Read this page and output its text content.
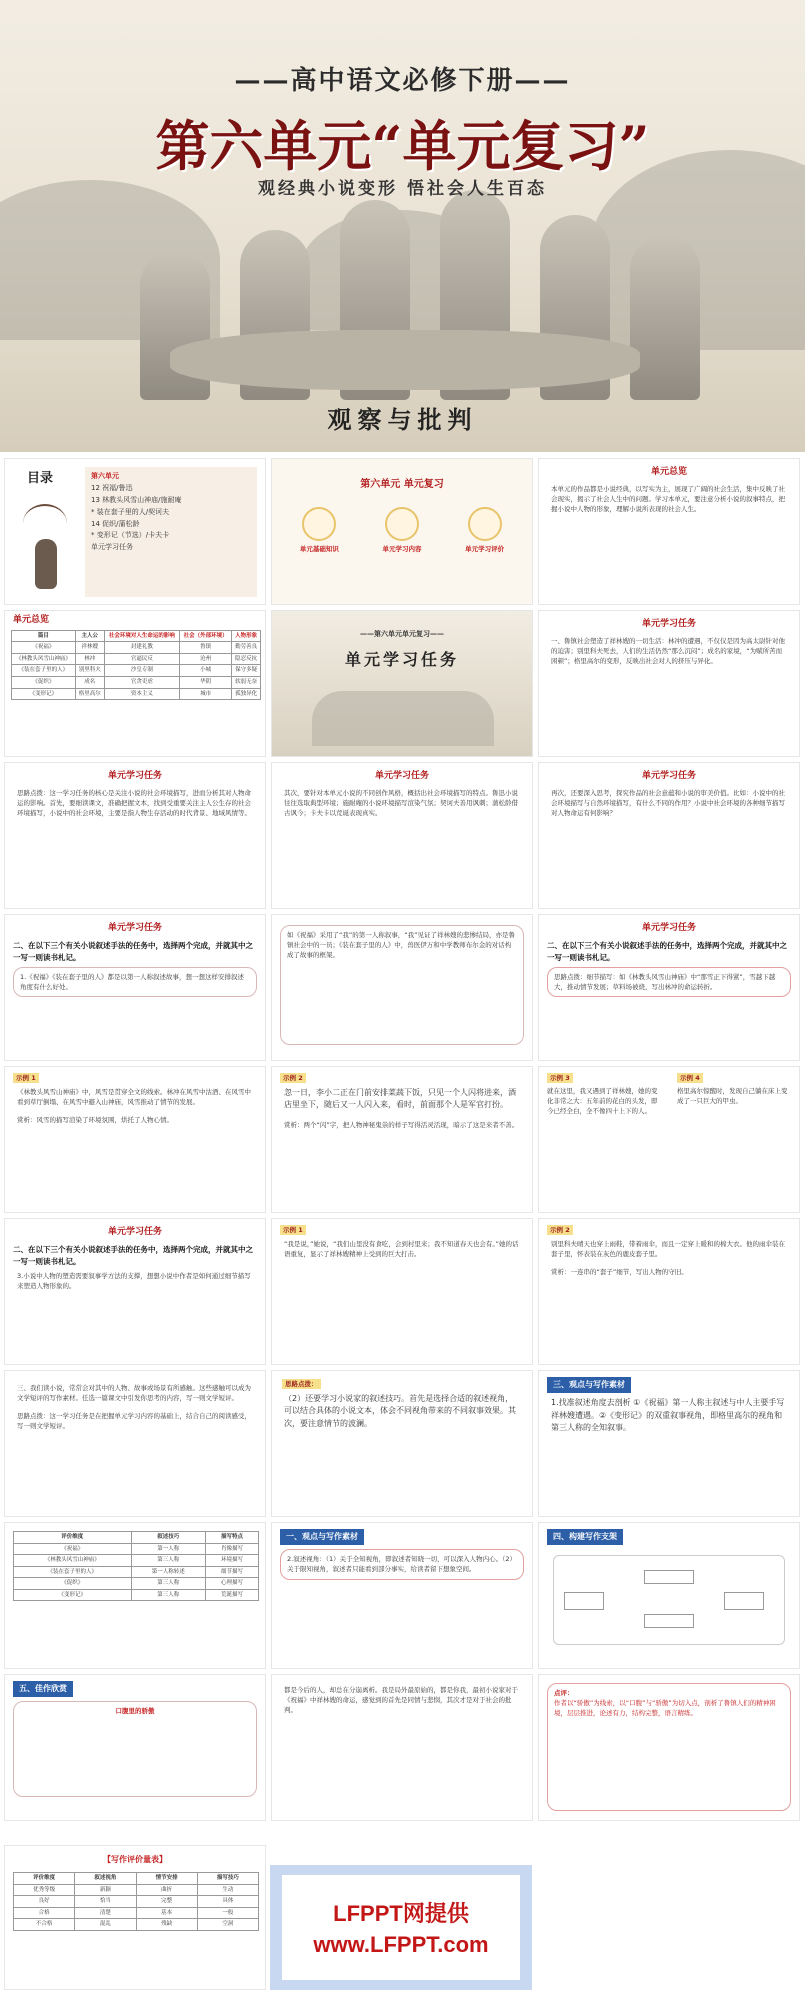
——高中语文必修下册——
第六单元“单元复习”
观经典小说变形 悟社会人生百态
观察与批判
目录	第六单元
12 祝福/鲁迅
13 林教头风雪山神庙/施耐庵
* 装在套子里的人/契诃夫
14 促织/蒲松龄
* 变形记（节选）/卡夫卡
单元学习任务
第六单元 单元复习
单元基础知识	单元学习内容	单元学习评价
单元总览
本单元的作品都是小说经典，以写实为主，展现了广阔的社会生活，集中反映了社会现实，揭示了社会人生中的问题。学习本单元，要注意分析小说的叙事特点，把握小说中人物的形象，理解小说所表现的社会人生。
单元总览
篇目	主人公	社会环境对人生命运的影响	社会（外部环境）	人物形象
《祝福》	祥林嫂	封建礼教	鲁镇	勤劳善良
《林教头风雪山神庙》	林冲	官逼民反	沧州	隐忍反抗
《装在套子里的人》	别里科夫	沙皇专制	小城	保守多疑
《促织》	成名	官贪吏虐	华阴	软弱无奈
《变形记》	格里高尔	资本主义	城市	孤独异化
——第六单元单元复习——
单元学习任务
单元学习任务
一、鲁镇社会塑造了祥林嫂的一切生活：林冲的遭遇，不仅仅是因为高太尉针对他的迫害；别里科夫死去，人们的生活仍然“那么沉闷”；成名的家境，“为赋所苦而困顿”；格里高尔的变形，反映出社会对人的挤压与异化。
单元学习任务
思路点拨：这一学习任务的核心是关注小说的社会环境描写，进而分析其对人物命运的影响。首先，要细读课文，准确把握文本，找到受重要关注主人公生存的社会环境描写，小说中的社会环境，主要是指人物生存活动的时代背景、地域风情等。
单元学习任务
其次，要针对本单元小说的不同创作风格，概括出社会环境描写的特点。鲁迅小说往往选取典型环境；施耐庵的小说环境描写渲染气氛；契诃夫善用讽刺；蒲松龄借古讽今；卡夫卡以荒诞表现真实。
单元学习任务
再次，还要深入思考，探究作品的社会意蕴和小说的审美价值。比如：小说中的社会环境描写与自然环境描写，有什么不同的作用？小说中社会环境的各种细节描写对人物命运有何影响？
单元学习任务
二、在以下三个有关小说叙述手法的任务中，选择两个完成，并就其中之一写一则读书札记。
1.《祝福》《装在套子里的人》都是以第一人称叙述故事，想一想这样安排叙述角度有什么好处。
如《祝福》采用了“我”的第一人称叙事，“我”见证了祥林嫂的悲惨结局，亦是鲁镇社会中的一员；《装在套子里的人》中，兽医伊万和中学教师布尔金的对话构成了故事的框架。
单元学习任务
二、在以下三个有关小说叙述手法的任务中，选择两个完成，并就其中之一写一则读书札记。
思路点拨：细节描写：如《林教头风雪山神庙》中“那雪正下得紧”，雪越下越大，推动情节发展；草料场被烧，写出林冲的命运转折。
示例 1
《林教头风雪山神庙》中，风雪是贯穿全文的线索。林冲在风雪中沽酒、在风雪中看到草厅倒塌、在风雪中避入山神庙，风雪推动了情节的发展。
赏析：风雪的描写渲染了环境氛围，烘托了人物心情。
示例 2
忽一日，李小二正在门前安排菜蔬下饭，只见一个人闪将进来，酒店里坐下，随后又一人闪入来，看时，前面那个人是军官打扮。
赏析：两个“闪”字，把人物神秘鬼祟的样子写得活灵活现，暗示了这是来者不善。
示例 3
就在这里，我又遇到了祥林嫂，她的变化非常之大：五年前的花白的头发，即今已经全白，全不像四十上下的人。
示例 4
格里高尔惊醒时，发现自己躺在床上变成了一只巨大的甲虫。
单元学习任务
二、在以下三个有关小说叙述手法的任务中，选择两个完成，并就其中之一写一则读书札记。
3.小说中人物的塑造需要叙事学方法的支撑，想想小说中作者是如何通过细节描写来塑造人物形象的。
示例 1
“我是说，”她说，“我们山里没有食吃，会到村里来；我不知道春天也会有。”她的话语重复，显示了祥林嫂精神上受到的巨大打击。
示例 2
别里科夫晴天也穿上雨鞋，带着雨伞，而且一定穿上暖和的棉大衣。他的雨伞装在套子里，怀表装在灰色的鹿皮套子里。
赏析：一连串的“套子”细节，写出人物的守旧。
三、我们读小说，常常会对其中的人物、故事或场景有所感触。这些感触可以成为文学短评的写作素材。任选一篇课文中引发你思考的内容，写一则文学短评。
思路点拨：这一学习任务是在把握单元学习内容的基础上，结合自己的阅读感受，写一则文学短评。
思路点拨：
（2）还要学习小说家的叙述技巧。首先是选择合适的叙述视角，可以结合具体的小说文本，体会不同视角带来的不同叙事效果。其次，要注意情节的波澜。
三、观点与写作素材
1.找准叙述角度去剖析 ①《祝福》第一人称主叙述与中人主要手写祥林嫂遭遇。②《变形记》的双重叙事视角，即格里高尔的视角和第三人称的全知叙事。
评价维度	叙述技巧	描写特点
《祝福》	第一人称	肖像描写
《林教头风雪山神庙》	第三人称	环境描写
《装在套子里的人》	第一人称转述	细节描写
《促织》	第三人称	心理描写
《变形记》	第三人称	荒诞描写
一、观点与写作素材
2.叙述视角：（1）关于全知视角，即叙述者知晓一切，可以深入人物内心。（2）关于限知视角，叙述者只能看到部分事实，给读者留下想象空间。
四、构建写作支架
五、佳作欣赏
口腹里的骄傲
都是今后的人，却总在分崩离析。我是局外最原始的，都是你我，最初小说家对于《祝福》中祥林嫂的命运，感觉到的首先是同情与悲悯，其次才是对于社会的批判。
点评：
作者以“骄傲”为线索，以“口腹”与“骄傲”为切入点，剖析了鲁镇人们的精神困境，层层推进，论述有力，结构完整，语言精练。
【写作评价量表】
评价维度	叙述视角	情节安排	描写技巧
优秀等级	新颖	曲折	生动
良好	恰当	完整	具体
合格	清楚	基本	一般
不合格	混乱	残缺	空洞	LFPPT网提供
www.LFPPT.com
